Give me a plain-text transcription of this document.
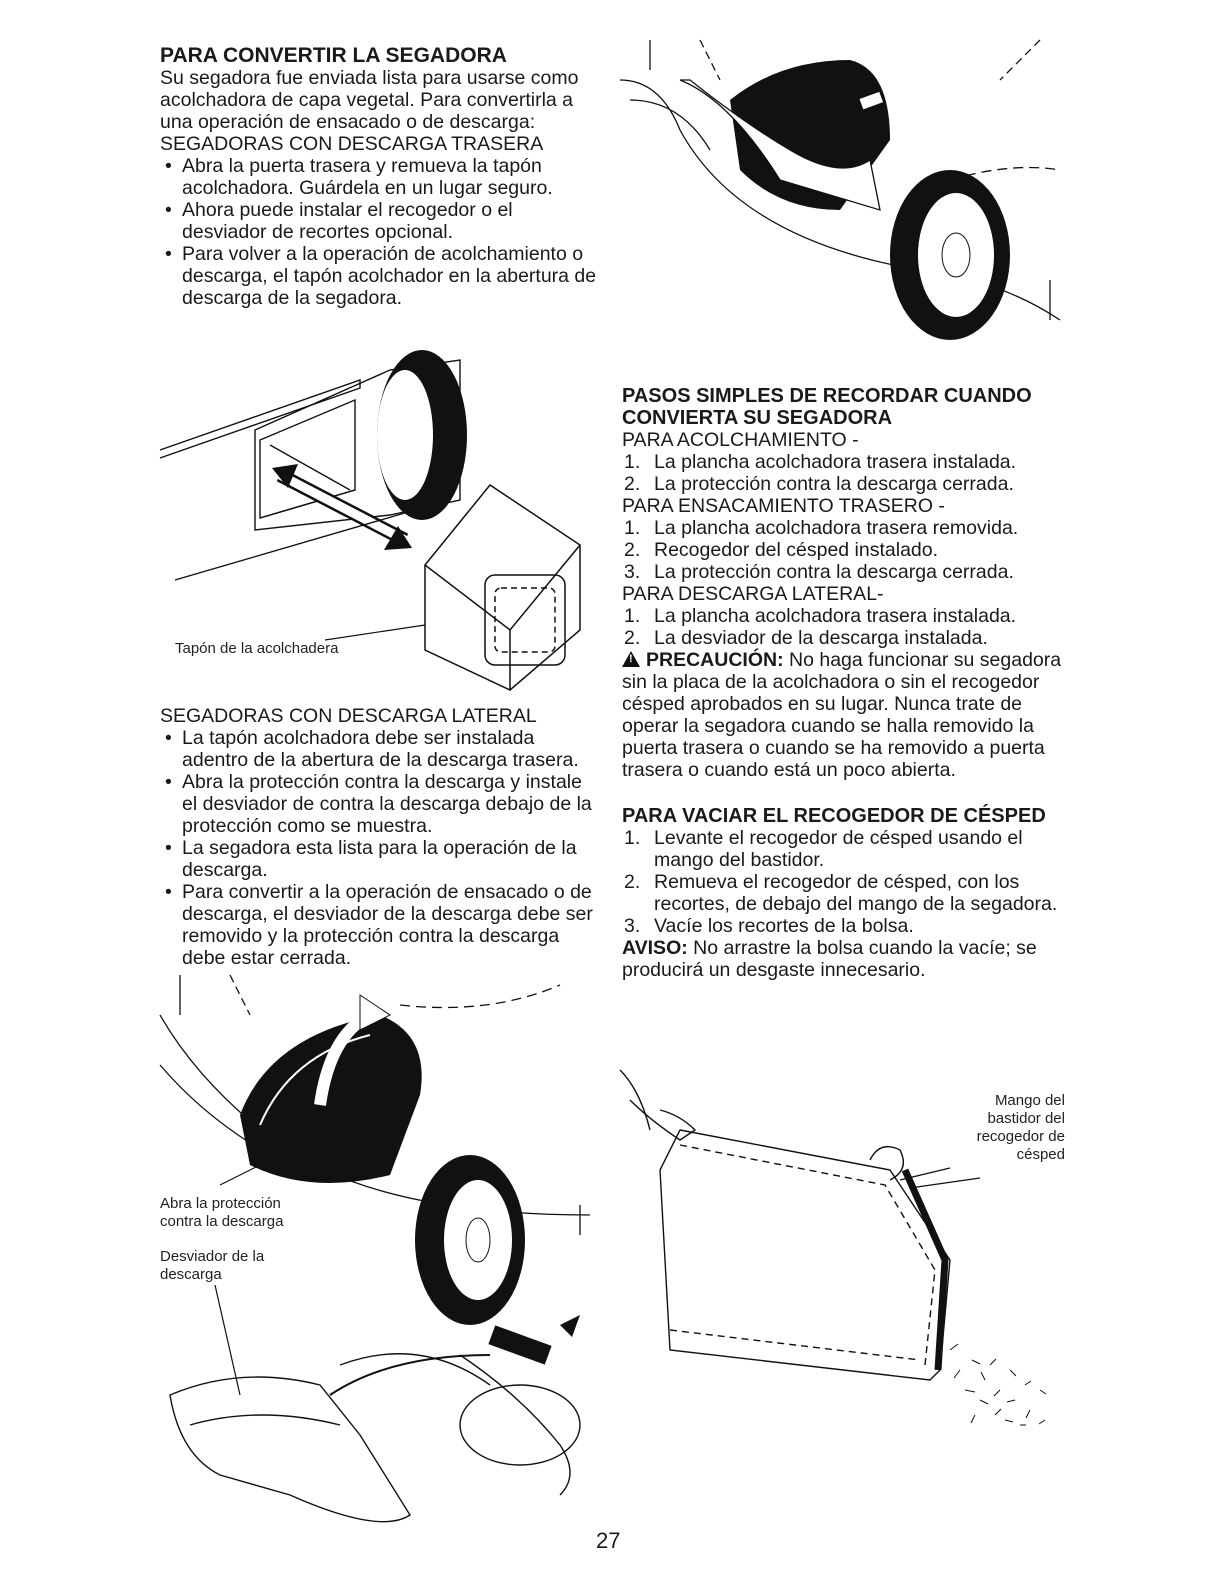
PARA CONVERTIR LA SEGADORA

Su segadora fue enviada lista para usarse como acolchadora de capa vegetal. Para convertirla a una operación de ensacado o de descarga:

SEGADORAS CON DESCARGA TRASERA
• Abra la puerta trasera y remueva la tapón acolchadora. Guárdela en un lugar seguro.
• Ahora puede instalar el recogedor o el desviador de recortes opcional.
• Para volver a la operación de acolchamiento o descarga, el tapón acolchador en la abertura de descarga de la segadora.
Tapón de la acolchadera
SEGADORAS CON DESCARGA LATERAL
• La tapón acolchadora debe ser instalada adentro de la abertura de la descarga trasera.
• Abra la protección contra la descarga y instale el desviador de contra la descarga debajo de la protección como se muestra.
• La segadora esta lista para la operación de la descarga.
• Para convertir a la operación de ensacado o de descarga, el desviador de la descarga debe ser removido y la protección contra la descarga debe estar cerrada.
Abra la protección contra la descarga
Desviador de la descarga
PASOS SIMPLES DE RECORDAR CUANDO CONVIERTA SU SEGADORA
PARA ACOLCHAMIENTO -
1. La plancha acolchadora trasera instalada.
2. La protección contra la descarga cerrada.
PARA ENSACAMIENTO TRASERO -
1. La plancha acolchadora trasera removida.
2. Recogedor del césped instalado.
3. La protección contra la descarga cerrada.
PARA DESCARGA LATERAL-
1. La plancha acolchadora trasera instalada.
2. La desviador de la descarga instalada.

!PRECAUCIÓN: No haga funcionar su segadora sin la placa de la acolchadora o sin el recogedor césped aprobados en su lugar. Nunca trate de operar la segadora cuando se halla removido la puerta trasera o cuando se ha removido a puerta trasera o cuando está un poco abierta.

PARA VACIAR EL RECOGEDOR DE CÉSPED
1. Levante el recogedor de césped usando el mango del bastidor.
2. Remueva el recogedor de césped, con los recortes, de debajo del mango de la segadora.
3. Vacíe los recortes de la bolsa.

AVISO: No arrastre la bolsa cuando la vacíe; se producirá un desgaste innecesario.

Mango del bastidor del recogedor de césped
27
